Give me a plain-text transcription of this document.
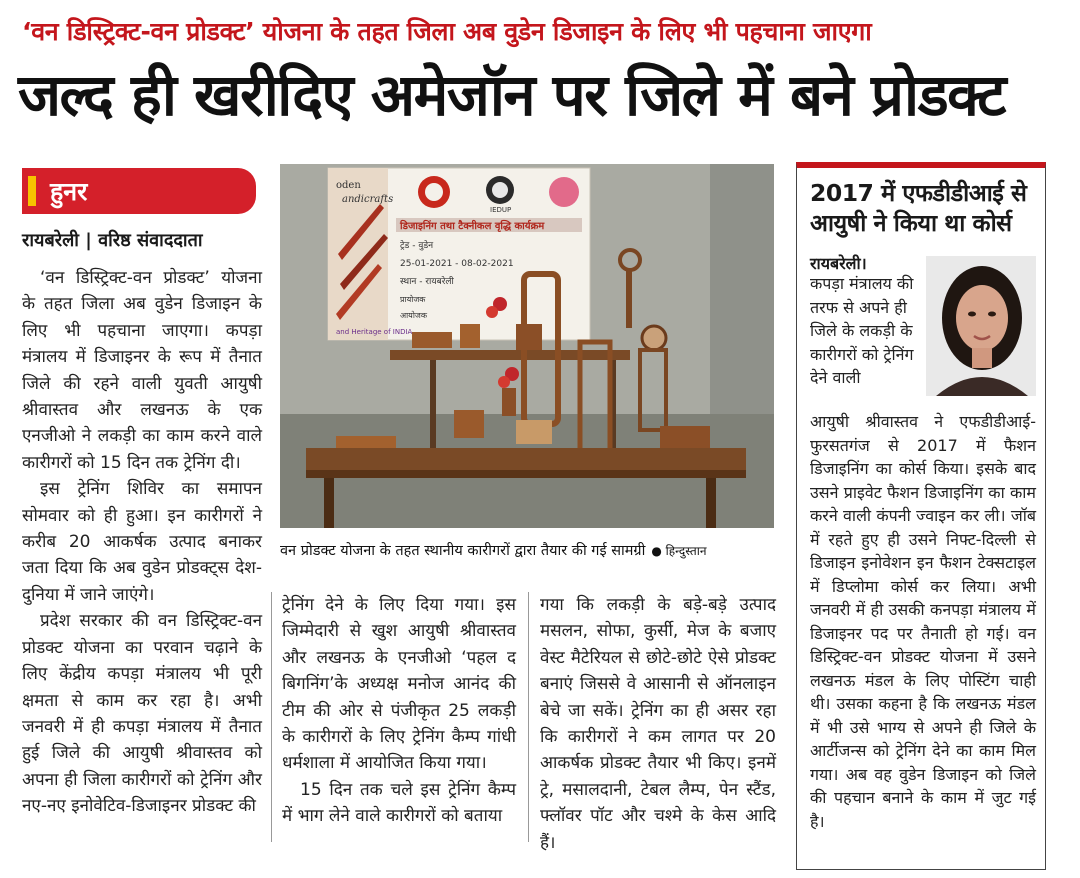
‘वन डिस्ट्रिक्ट-वन प्रोडक्ट’ योजना के तहत जिला अब वुडेन डिजाइन के लिए भी पहचाना जाएगा
जल्द ही खरीदिए अमेजॉन पर जिले में बने प्रोडक्ट
हुनर
रायबरेली | वरिष्ठ संवाददाता

‘वन डिस्ट्रिक्ट-वन प्रोडक्ट’ योजना के तहत जिला अब वुडेन डिजाइन के लिए भी पहचाना जाएगा। कपड़ा मंत्रालय में डिजाइनर के रूप में तैनात जिले की रहने वाली युवती आयुषी श्रीवास्तव और लखनऊ के एक एनजीओ ने लकड़ी का काम करने वाले कारीगरों को 15 दिन तक ट्रेनिंग दी।

इस ट्रेनिंग शिविर का समापन सोमवार को ही हुआ। इन कारीगरों ने करीब 20 आकर्षक उत्पाद बनाकर जता दिया कि अब वुडेन प्रोडक्ट्स देश-दुनिया में जाने जाएंगे।

प्रदेश सरकार की वन डिस्ट्रिक्ट-वन प्रोडक्ट योजना का परवान चढ़ाने के लिए केंद्रीय कपड़ा मंत्रालय भी पूरी क्षमता से काम कर रहा है। अभी जनवरी में ही कपड़ा मंत्रालय में तैनात हुई जिले की आयुषी श्रीवास्तव को अपना ही जिला कारीगरों को ट्रेनिंग और नए-नए इनोवेटिव-डिजाइनर प्रोडक्ट की

ट्रेनिंग देने के लिए दिया गया। इस जिम्मेदारी से खुश आयुषी श्रीवास्तव और लखनऊ के एनजीओ ‘पहल द बिगनिंग’के अध्यक्ष मनोज आनंद की टीम की ओर से पंजीकृत 25 लकड़ी के कारीगरों के लिए ट्रेनिंग कैम्प गांधी धर्मशाला में आयोजित किया गया।

15 दिन तक चले इस ट्रेनिंग कैम्प में भाग लेने वाले कारीगरों को बताया

गया कि लकड़ी के बड़े-बड़े उत्पाद मसलन, सोफा, कुर्सी, मेज के बजाए वेस्ट मैटेरियल से छोटे-छोटे ऐसे प्रोडक्ट बनाएं जिससे वे आसानी से ऑनलाइन बेचे जा सकें। ट्रेनिंग का ही असर रहा कि कारीगरों ने कम लागत पर 20 आकर्षक प्रोडक्ट तैयार भी किए। इनमें ट्रे, मसालदानी, टेबल लैम्प, पेन स्टैंड, फ्लॉवर पॉट और चश्मे के केस आदि हैं।

डिजाइनिंग तथा टैक्नीकल वृद्धि कार्यक्रम
oden
andicrafts
IEDUP
ट्रेड - वुडेन
25-01-2021 - 08-02-2021
स्थान - रायबरेली
प्रायोजक
आयोजक
and Heritage of INDIA
वन प्रोडक्ट योजना के तहत स्थानीय कारीगरों द्वारा तैयार की गई सामग्री ● हिन्दुस्तान
2017 में एफडीडीआई से आयुषी ने किया था कोर्स
रायबरेली।
कपड़ा मंत्रालय की तरफ से अपने ही जिले के लकड़ी के कारीगरों को ट्रेनिंग देने वाली
आयुषी श्रीवास्तव ने एफडीडीआई-फुरसतगंज से 2017 में फैशन डिजाइनिंग का कोर्स किया। इसके बाद उसने प्राइवेट फैशन डिजाइनिंग का काम करने वाली कंपनी ज्वाइन कर ली। जॉब में रहते हुए ही उसने निफ्ट-दिल्ली से डिजाइन इनोवेशन इन फैशन टेक्सटाइल में डिप्लोमा कोर्स कर लिया। अभी जनवरी में ही उसकी कनपड़ा मंत्रालय में डिजाइनर पद पर तैनाती हो गई। वन डिस्ट्रिक्ट-वन प्रोडक्ट योजना में उसने लखनऊ मंडल के लिए पोस्टिंग चाही थी। उसका कहना है कि लखनऊ मंडल में भी उसे भाग्य से अपने ही जिले के आर्टीजन्स को ट्रेनिंग देने का काम मिल गया। अब वह वुडेन डिजाइन को जिले की पहचान बनाने के काम में जुट गई है।
